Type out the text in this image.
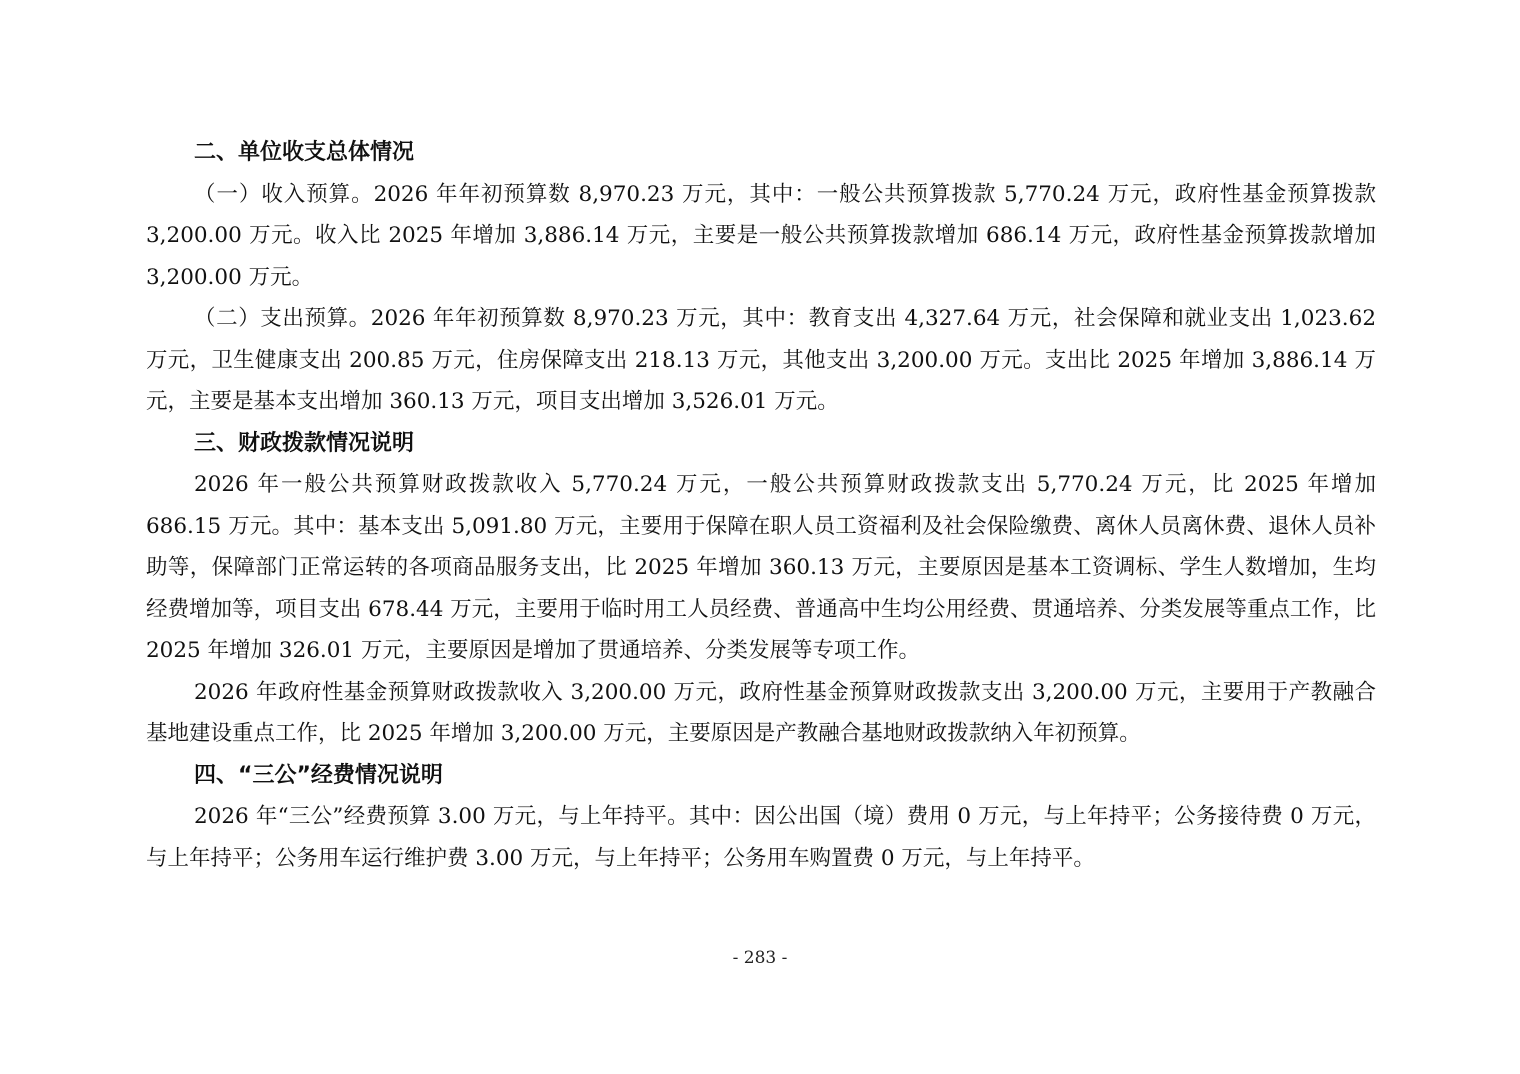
二、单位收支总体情况

（一）收入预算。2026 年年初预算数 8,970.23 万元，其中：一般公共预算拨款 5,770.24 万元，政府性基金预算拨款 3,200.00 万元。收入比 2025 年增加 3,886.14 万元，主要是一般公共预算拨款增加 686.14 万元，政府性基金预算拨款增加 3,200.00 万元。

（二）支出预算。2026 年年初预算数 8,970.23 万元，其中：教育支出 4,327.64 万元，社会保障和就业支出 1,023.62 万元，卫生健康支出 200.85 万元，住房保障支出 218.13 万元，其他支出 3,200.00 万元。支出比 2025 年增加 3,886.14 万元，主要是基本支出增加 360.13 万元，项目支出增加 3,526.01 万元。

三、财政拨款情况说明

2026 年一般公共预算财政拨款收入 5,770.24 万元，一般公共预算财政拨款支出 5,770.24 万元，比 2025 年增加 686.15 万元。其中：基本支出 5,091.80 万元，主要用于保障在职人员工资福利及社会保险缴费、离休人员离休费、退休人员补助等，保障部门正常运转的各项商品服务支出，比 2025 年增加 360.13 万元，主要原因是基本工资调标、学生人数增加，生均经费增加等，项目支出 678.44 万元，主要用于临时用工人员经费、普通高中生均公用经费、贯通培养、分类发展等重点工作，比 2025 年增加 326.01 万元，主要原因是增加了贯通培养、分类发展等专项工作。

2026 年政府性基金预算财政拨款收入 3,200.00 万元，政府性基金预算财政拨款支出 3,200.00 万元，主要用于产教融合基地建设重点工作，比 2025 年增加 3,200.00 万元，主要原因是产教融合基地财政拨款纳入年初预算。

四、“三公”经费情况说明

2026 年“三公”经费预算 3.00 万元，与上年持平。其中：因公出国（境）费用 0 万元，与上年持平；公务接待费 0 万元，与上年持平；公务用车运行维护费 3.00 万元，与上年持平；公务用车购置费 0 万元，与上年持平。

- 283 -
